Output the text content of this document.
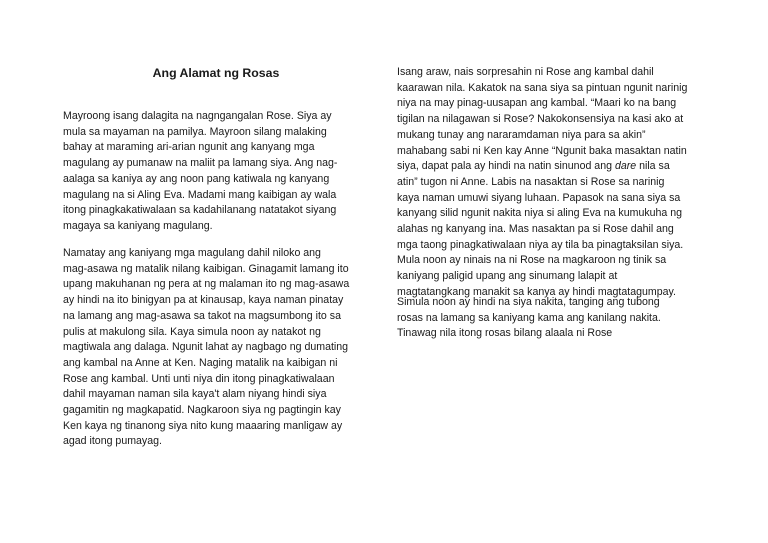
Ang Alamat ng Rosas

Mayroong isang dalagita na nagngangalan Rose. Siya ay
mula sa mayaman na pamilya. Mayroon silang malaking
bahay at maraming ari-arian ngunit ang kanyang mga
magulang ay pumanaw na maliit pa lamang siya. Ang nag-
aalaga sa kaniya ay ang noon pang katiwala ng kanyang
magulang na si Aling Eva. Madami mang kaibigan ay wala
itong pinagkakatiwalaan sa kadahilanang natatakot siyang
magaya sa kaniyang magulang.

Namatay ang kaniyang mga magulang dahil niloko ang
mag-asawa ng matalik nilang kaibigan. Ginagamit lamang ito
upang makuhanan ng pera at ng malaman ito ng mag-asawa
ay hindi na ito binigyan pa at kinausap, kaya naman pinatay
na lamang ang mag-asawa sa takot na magsumbong ito sa
pulis at makulong sila. Kaya simula noon ay natakot ng
magtiwala ang dalaga. Ngunit lahat ay nagbago ng dumating
ang kambal na Anne at Ken. Naging matalik na kaibigan ni
Rose ang kambal. Unti unti niya din itong pinagkatiwalaan
dahil mayaman naman sila kaya't alam niyang hindi siya
gagamitin ng magkapatid. Nagkaroon siya ng pagtingin kay
Ken kaya ng tinanong siya nito kung maaaring manligaw ay
agad itong pumayag.

Isang araw, nais sorpresahin ni Rose ang kambal dahil
kaarawan nila. Kakatok na sana siya sa pintuan ngunit narinig
niya na may pinag-uusapan ang kambal. “Maari ko na bang
tigilan na nilagawan si Rose? Nakokonsensiya na kasi ako at
mukang tunay ang nararamdaman niya para sa akin”
mahabang sabi ni Ken kay Anne “Ngunit baka masaktan natin
siya, dapat pala ay hindi na natin sinunod ang dare nila sa
atin” tugon ni Anne. Labis na nasaktan si Rose sa narinig
kaya naman umuwi siyang luhaan. Papasok na sana siya sa
kanyang silid ngunit nakita niya si aling Eva na kumukuha ng
alahas ng kanyang ina. Mas nasaktan pa si Rose dahil ang
mga taong pinagkatiwalaan niya ay tila ba pinagtaksilan siya.
Mula noon ay ninais na ni Rose na magkaroon ng tinik sa
kaniyang paligid upang ang sinumang lalapit at
magtatangkang manakit sa kanya ay hindi magtatagumpay.

Simula noon ay hindi na siya nakita, tanging ang tubong
rosas na lamang sa kaniyang kama ang kanilang nakita.
Tinawag nila itong rosas bilang alaala ni Rose
